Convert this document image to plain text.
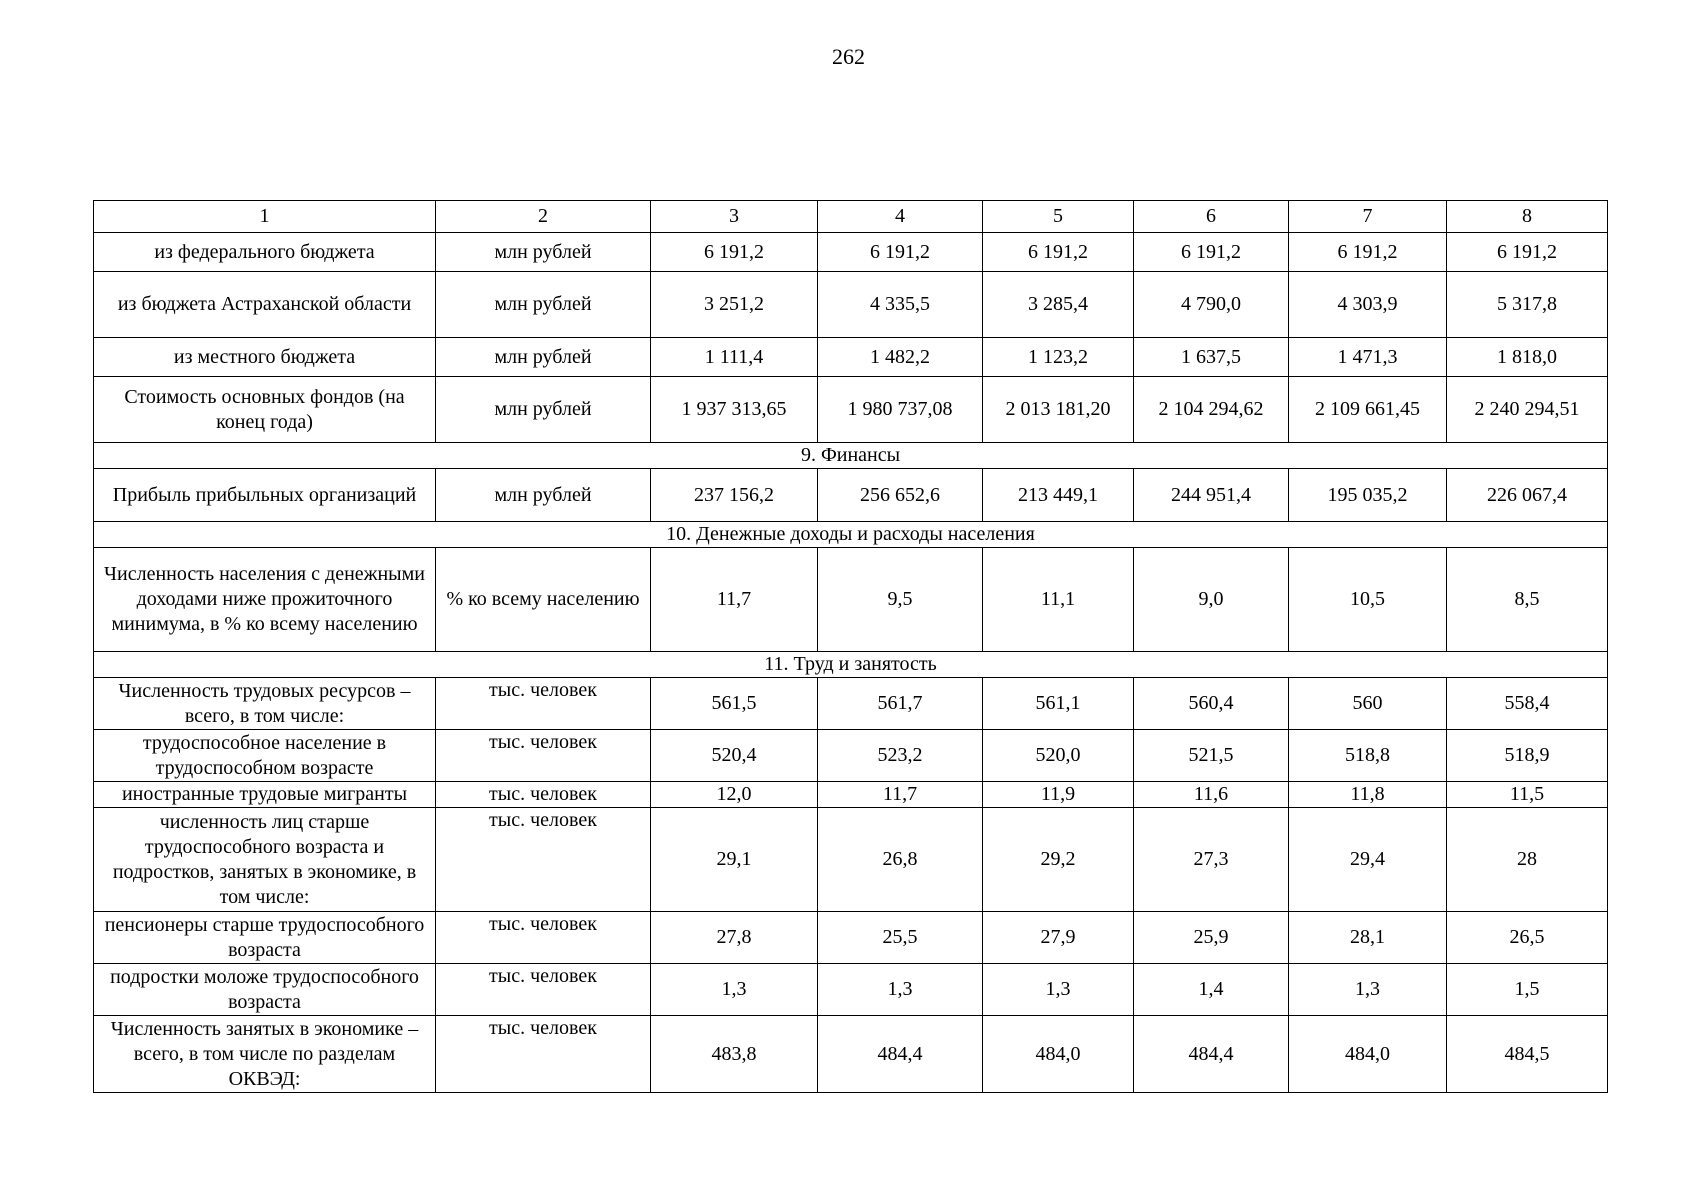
262
1	2	3	4	5	6	7	8
из федерального бюджета	млн рублей	6 191,2	6 191,2	6 191,2	6 191,2	6 191,2	6 191,2
из бюджета Астраханской области	млн рублей	3 251,2	4 335,5	3 285,4	4 790,0	4 303,9	5 317,8
из местного бюджета	млн рублей	1 111,4	1 482,2	1 123,2	1 637,5	1 471,3	1 818,0
Стоимость основных фондов (на конец года)	млн рублей	1 937 313,65	1 980 737,08	2 013 181,20	2 104 294,62	2 109 661,45	2 240 294,51
9. Финансы							
Прибыль прибыльных организаций	млн рублей	237 156,2	256 652,6	213 449,1	244 951,4	195 035,2	226 067,4
10. Денежные доходы и расходы населения							
Численность населения с денежными доходами ниже прожиточного минимума, в % ко всему населению	% ко всему населению	11,7	9,5	11,1	9,0	10,5	8,5
11. Труд и занятость							
Численность трудовых ресурсов – всего, в том числе:	тыс. человек	561,5	561,7	561,1	560,4	560	558,4
трудоспособное население в трудоспособном возрасте	тыс. человек	520,4	523,2	520,0	521,5	518,8	518,9
иностранные трудовые мигранты	тыс. человек	12,0	11,7	11,9	11,6	11,8	11,5
численность лиц старше трудоспособного возраста и подростков, занятых в экономике, в том числе:	тыс. человек	29,1	26,8	29,2	27,3	29,4	28
пенсионеры старше трудоспособного возраста	тыс. человек	27,8	25,5	27,9	25,9	28,1	26,5
подростки моложе трудоспособного возраста	тыс. человек	1,3	1,3	1,3	1,4	1,3	1,5
Численность занятых в экономике – всего, в том числе по разделам ОКВЭД:	тыс. человек	483,8	484,4	484,0	484,4	484,0	484,5
